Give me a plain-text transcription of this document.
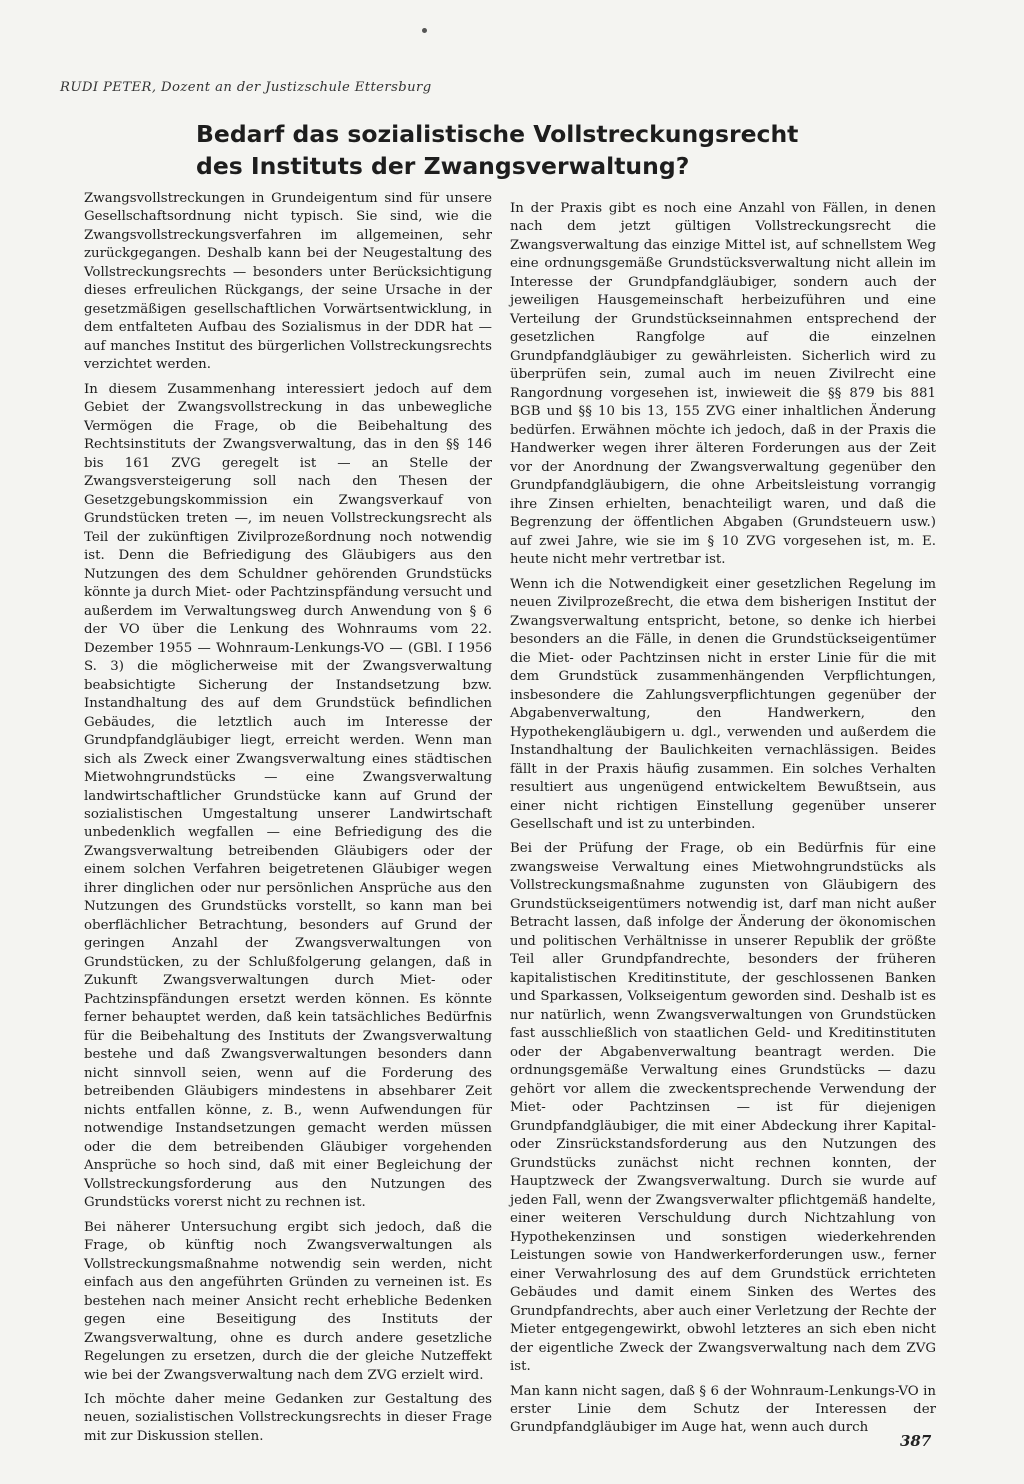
RUDI PETER, Dozent an der Justizschule Ettersburg
Bedarf das sozialistische Vollstreckungsrecht
des Instituts der Zwangsverwaltung?

Zwangsvollstreckungen in Grundeigentum sind für unsere Gesellschaftsordnung nicht typisch. Sie sind, wie die Zwangsvollstreckungsverfahren im allgemeinen, sehr zurückgegangen. Deshalb kann bei der Neugestaltung des Vollstreckungsrechts — besonders unter Berücksichtigung dieses erfreulichen Rückgangs, der seine Ursache in der gesetzmäßigen gesellschaftlichen Vorwärtsentwicklung, in dem entfalteten Aufbau des Sozialismus in der DDR hat — auf manches Institut des bürgerlichen Vollstreckungsrechts verzichtet werden.

In diesem Zusammenhang interessiert jedoch auf dem Gebiet der Zwangsvollstreckung in das unbewegliche Vermögen die Frage, ob die Beibehaltung des Rechtsinstituts der Zwangsverwaltung, das in den §§ 146 bis 161 ZVG geregelt ist — an Stelle der Zwangsversteigerung soll nach den Thesen der Gesetzgebungskommission ein Zwangsverkauf von Grundstücken treten —, im neuen Vollstreckungsrecht als Teil der zukünftigen Zivilprozeßordnung noch notwendig ist. Denn die Befriedigung des Gläubigers aus den Nutzungen des dem Schuldner gehörenden Grundstücks könnte ja durch Miet- oder Pachtzinspfändung versucht und außerdem im Verwaltungsweg durch Anwendung von § 6 der VO über die Lenkung des Wohnraums vom 22. Dezember 1955 — Wohnraum-Lenkungs-VO — (GBl. I 1956 S. 3) die möglicherweise mit der Zwangsverwaltung beabsichtigte Sicherung der Instandsetzung bzw. Instandhaltung des auf dem Grundstück befindlichen Gebäudes, die letztlich auch im Interesse der Grundpfandgläubiger liegt, erreicht werden. Wenn man sich als Zweck einer Zwangsverwaltung eines städtischen Mietwohngrundstücks — eine Zwangsverwaltung landwirtschaftlicher Grundstücke kann auf Grund der sozialistischen Umgestaltung unserer Landwirtschaft unbedenklich wegfallen — eine Befriedigung des die Zwangsverwaltung betreibenden Gläubigers oder der einem solchen Verfahren beigetretenen Gläubiger wegen ihrer dinglichen oder nur persönlichen Ansprüche aus den Nutzungen des Grundstücks vorstellt, so kann man bei oberflächlicher Betrachtung, besonders auf Grund der geringen Anzahl der Zwangsverwaltungen von Grundstücken, zu der Schlußfolgerung gelangen, daß in Zukunft Zwangsverwaltungen durch Miet- oder Pachtzinspfändungen ersetzt werden können. Es könnte ferner behauptet werden, daß kein tatsächliches Bedürfnis für die Beibehaltung des Instituts der Zwangsverwaltung bestehe und daß Zwangsverwaltungen besonders dann nicht sinnvoll seien, wenn auf die Forderung des betreibenden Gläubigers mindestens in absehbarer Zeit nichts entfallen könne, z. B., wenn Aufwendungen für notwendige Instandsetzungen gemacht werden müssen oder die dem betreibenden Gläubiger vorgehenden Ansprüche so hoch sind, daß mit einer Begleichung der Vollstreckungsforderung aus den Nutzungen des Grundstücks vorerst nicht zu rechnen ist.

Bei näherer Untersuchung ergibt sich jedoch, daß die Frage, ob künftig noch Zwangsverwaltungen als Vollstreckungsmaßnahme notwendig sein werden, nicht einfach aus den angeführten Gründen zu verneinen ist. Es bestehen nach meiner Ansicht recht erhebliche Bedenken gegen eine Beseitigung des Instituts der Zwangsverwaltung, ohne es durch andere gesetzliche Regelungen zu ersetzen, durch die der gleiche Nutzeffekt wie bei der Zwangsverwaltung nach dem ZVG erzielt wird.

Ich möchte daher meine Gedanken zur Gestaltung des neuen, sozialistischen Vollstreckungsrechts in dieser Frage mit zur Diskussion stellen.

In der Praxis gibt es noch eine Anzahl von Fällen, in denen nach dem jetzt gültigen Vollstreckungsrecht die Zwangsverwaltung das einzige Mittel ist, auf schnellstem Weg eine ordnungsgemäße Grundstücksverwaltung nicht allein im Interesse der Grundpfandgläubiger, sondern auch der jeweiligen Hausgemeinschaft herbeizuführen und eine Verteilung der Grundstückseinnahmen entsprechend der gesetzlichen Rangfolge auf die einzelnen Grundpfandgläubiger zu gewährleisten. Sicherlich wird zu überprüfen sein, zumal auch im neuen Zivilrecht eine Rangordnung vorgesehen ist, inwieweit die §§ 879 bis 881 BGB und §§ 10 bis 13, 155 ZVG einer inhaltlichen Änderung bedürfen. Erwähnen möchte ich jedoch, daß in der Praxis die Handwerker wegen ihrer älteren Forderungen aus der Zeit vor der Anordnung der Zwangsverwaltung gegenüber den Grundpfandgläubigern, die ohne Arbeitsleistung vorrangig ihre Zinsen erhielten, benachteiligt waren, und daß die Begrenzung der öffentlichen Abgaben (Grundsteuern usw.) auf zwei Jahre, wie sie im § 10 ZVG vorgesehen ist, m. E. heute nicht mehr vertretbar ist.

Wenn ich die Notwendigkeit einer gesetzlichen Regelung im neuen Zivilprozeßrecht, die etwa dem bisherigen Institut der Zwangsverwaltung entspricht, betone, so denke ich hierbei besonders an die Fälle, in denen die Grundstückseigentümer die Miet- oder Pachtzinsen nicht in erster Linie für die mit dem Grundstück zusammenhängenden Verpflichtungen, insbesondere die Zahlungsverpflichtungen gegenüber der Abgabenverwaltung, den Handwerkern, den Hypothekengläubigern u. dgl., verwenden und außerdem die Instandhaltung der Baulichkeiten vernachlässigen. Beides fällt in der Praxis häufig zusammen. Ein solches Verhalten resultiert aus ungenügend entwickeltem Bewußtsein, aus einer nicht richtigen Einstellung gegenüber unserer Gesellschaft und ist zu unterbinden.

Bei der Prüfung der Frage, ob ein Bedürfnis für eine zwangsweise Verwaltung eines Mietwohngrundstücks als Vollstreckungsmaßnahme zugunsten von Gläubigern des Grundstückseigentümers notwendig ist, darf man nicht außer Betracht lassen, daß infolge der Änderung der ökonomischen und politischen Verhältnisse in unserer Republik der größte Teil aller Grundpfandrechte, besonders der früheren kapitalistischen Kreditinstitute, der geschlossenen Banken und Sparkassen, Volkseigentum geworden sind. Deshalb ist es nur natürlich, wenn Zwangsverwaltungen von Grundstücken fast ausschließlich von staatlichen Geld- und Kreditinstituten oder der Abgabenverwaltung beantragt werden. Die ordnungsgemäße Verwaltung eines Grundstücks — dazu gehört vor allem die zweckentsprechende Verwendung der Miet- oder Pachtzinsen — ist für diejenigen Grundpfandgläubiger, die mit einer Abdeckung ihrer Kapital- oder Zinsrückstandsforderung aus den Nutzungen des Grundstücks zunächst nicht rechnen konnten, der Hauptzweck der Zwangsverwaltung. Durch sie wurde auf jeden Fall, wenn der Zwangsverwalter pflichtgemäß handelte, einer weiteren Verschuldung durch Nichtzahlung von Hypothekenzinsen und sonstigen wiederkehrenden Leistungen sowie von Handwerkerforderungen usw., ferner einer Verwahrlosung des auf dem Grundstück errichteten Gebäudes und damit einem Sinken des Wertes des Grundpfandrechts, aber auch einer Verletzung der Rechte der Mieter entgegengewirkt, obwohl letzteres an sich eben nicht der eigentliche Zweck der Zwangsverwaltung nach dem ZVG ist.

Man kann nicht sagen, daß § 6 der Wohnraum-Lenkungs-VO in erster Linie dem Schutz der Interessen der Grundpfandgläubiger im Auge hat, wenn auch durch

387
